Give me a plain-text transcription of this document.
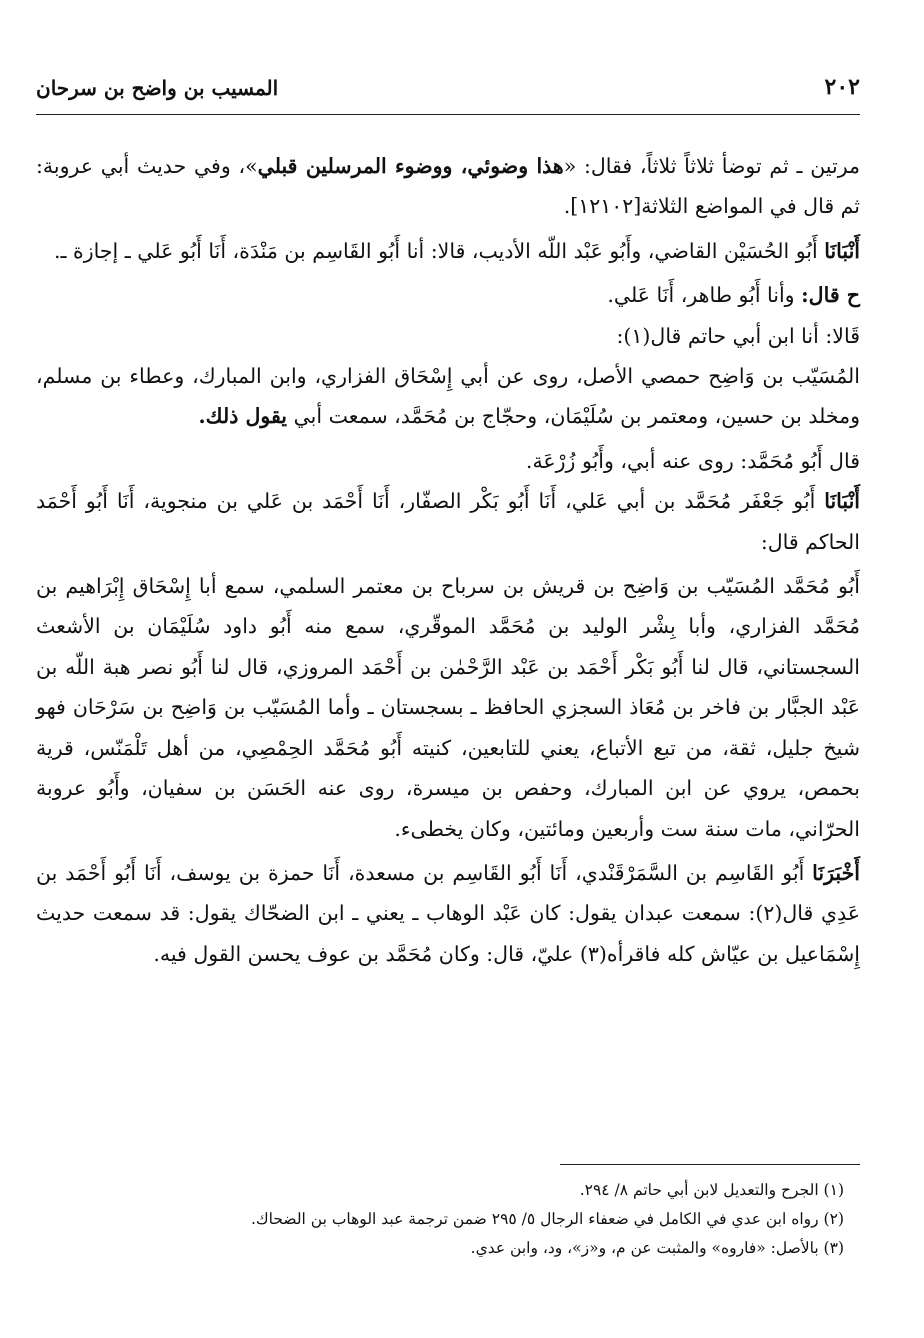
٢٠٢
المسيب بن واضح بن سرحان

مرتين ـ ثم توضأ ثلاثاً ثلاثاً، فقال: «هذا وضوئي، ووضوء المرسلين قبلي»، وفي حديث أبي عروبة: ثم قال في المواضع الثلاثة[١٢١٠٢].

أَنْبَانَا أَبُو الحُسَيْن القاضي، وأَبُو عَبْد اللّه الأديب، قالا: أنا أَبُو القَاسِم بن مَنْدَة، أَنَا أَبُو عَلي ـ إجازة ـ.

ح قال: وأنا أَبُو طاهر، أَنَا عَلي.

قَالا: أنا ابن أبي حاتم قال(١):

المُسَيّب بن وَاضِح حمصي الأصل، روى عن أبي إِسْحَاق الفزاري، وابن المبارك، وعطاء بن مسلم، ومخلد بن حسين، ومعتمر بن سُلَيْمَان، وحجّاج بن مُحَمَّد، سمعت أبي يقول ذلك.

قال أَبُو مُحَمَّد: روى عنه أبي، وأَبُو زُرْعَة.

أَنْبَانَا أَبُو جَعْفَر مُحَمَّد بن أبي عَلي، أَنَا أَبُو بَكْر الصفّار، أَنَا أَحْمَد بن عَلي بن منجوية، أَنَا أَبُو أَحْمَد الحاكم قال:

أَبُو مُحَمَّد المُسَيّب بن وَاضِح بن قريش بن سرباح بن معتمر السلمي، سمع أبا إِسْحَاق إِبْرَاهيم بن مُحَمَّد الفزاري، وأبا بِشْر الوليد بن مُحَمَّد الموقّري، سمع منه أَبُو داود سُلَيْمَان بن الأشعث السجستاني، قال لنا أَبُو بَكْر أَحْمَد بن عَبْد الرَّحْمٰن بن أَحْمَد المروزي، قال لنا أَبُو نصر هبة اللّه بن عَبْد الجبَّار بن فاخر بن مُعَاذ السجزي الحافظ ـ بسجستان ـ وأما المُسَيّب بن وَاضِح بن سَرْحَان فهو شيخ جليل، ثقة، من تبع الأتباع، يعني للتابعين، كنيته أَبُو مُحَمَّد الحِمْصِي، من أهل تَلْمَنّس، قرية بحمص، يروي عن ابن المبارك، وحفص بن ميسرة، روى عنه الحَسَن بن سفيان، وأَبُو عروبة الحرّاني، مات سنة ست وأربعين ومائتين، وكان يخطىء.

أَخْبَرَنَا أَبُو القَاسِم بن السَّمَرْقَنْدي، أَنَا أَبُو القَاسِم بن مسعدة، أَنَا حمزة بن يوسف، أَنَا أَبُو أَحْمَد بن عَدِي قال(٢): سمعت عبدان يقول: كان عَبْد الوهاب ـ يعني ـ ابن الضحّاك يقول: قد سمعت حديث إِسْمَاعيل بن عيّاش كله فاقرأه(٣) عليّ، قال: وكان مُحَمَّد بن عوف يحسن القول فيه.

(١) الجرح والتعديل لابن أبي حاتم ٨/ ٢٩٤.

(٢) رواه ابن عدي في الكامل في ضعفاء الرجال ٥/ ٢٩٥ ضمن ترجمة عبد الوهاب بن الضحاك.

(٣) بالأصل: «فاروه» والمثبت عن م، و«ز»، ود، وابن عدي.
